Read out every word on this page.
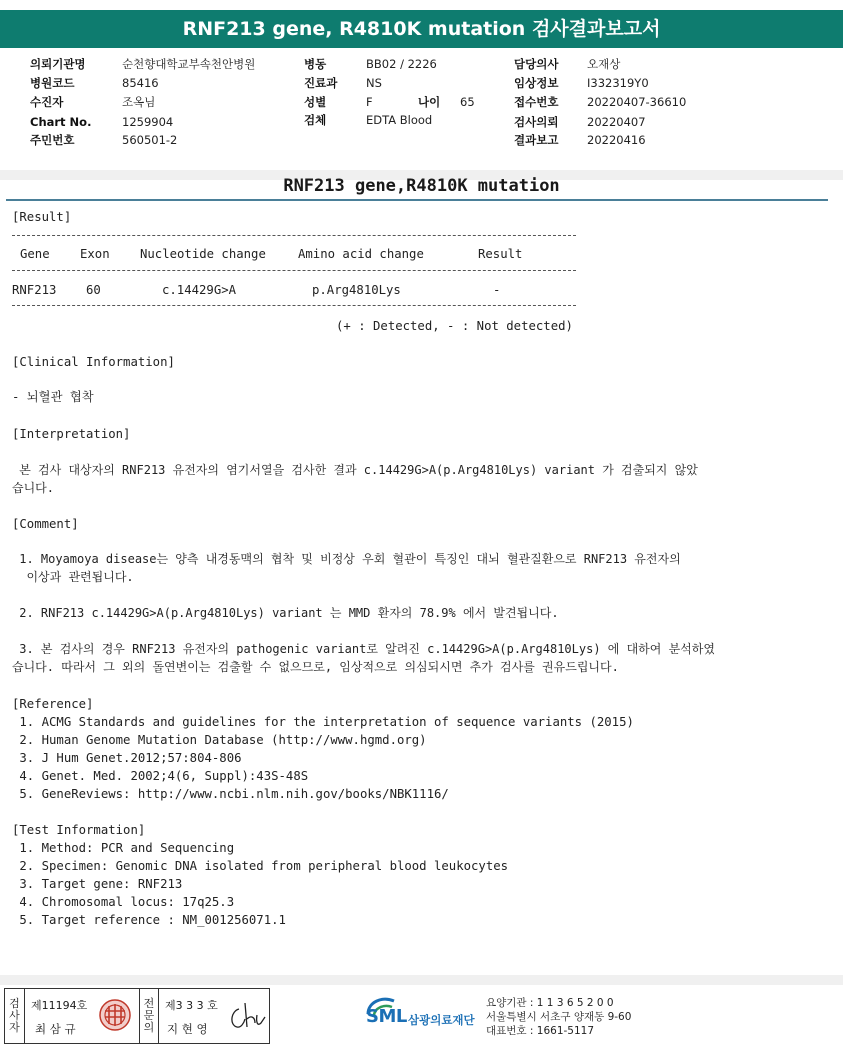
RNF213 gene, R4810K mutation 검사결과보고서
의뢰기관명	순천향대학교부속천안병원	병동	BB02 / 2226	담당의사 오재상
병원코드	85416	진료과 NS	임상정보 I332319Y0
수진자	조옥님	성별	F	나이 65	접수번호 20220407-36610
Chart No.	1259904	검체	EDTA Blood	검사의뢰 20220407
주민번호	560501-2	결과보고 20220416
RNF213 gene,R4810K mutation
[Result]
Gene Exon Nucleotide change	Amino acid change	Result
RNF213 60	c.14429G>A	p.Arg4810Lys	-
(+ : Detected, - : Not detected)
[Clinical Information]
- 뇌혈관 협착
[Interpretation]
본 검사 대상자의 RNF213 유전자의 염기서열을 검사한 결과 c.14429G>A(p.Arg4810Lys) variant 가 검출되지 않았
습니다.
[Comment]
1. Moyamoya disease는 양측 내경동맥의 협착 및 비정상 우회 혈관이 특징인 대뇌 혈관질환으로 RNF213 유전자의
이상과 관련됩니다.
2. RNF213 c.14429G>A(p.Arg4810Lys) variant 는 MMD 환자의 78.9% 에서 발견됩니다.
3. 본 검사의 경우 RNF213 유전자의 pathogenic variant로 알려진 c.14429G>A(p.Arg4810Lys) 에 대하여 분석하였
습니다. 따라서 그 외의 돌연변이는 검출할 수 없으므로, 임상적으로 의심되시면 추가 검사를 권유드립니다.
[Reference]
1. ACMG Standards and guidelines for the interpretation of sequence variants (2015)
2. Human Genome Mutation Database (http://www.hgmd.org)
3. J Hum Genet.2012;57:804-806
4. Genet. Med. 2002;4(6, Suppl):43S-48S
5. GeneReviews: http://www.ncbi.nlm.nih.gov/books/NBK1116/
[Test Information]
1. Method: PCR and Sequencing
2. Specimen: Genomic DNA isolated from peripheral blood leukocytes
3. Target gene: RNF213
4. Chromosomal locus: 17q25.3
5. Target reference : NM_001256071.1
검
사
자
제11194호
최 삼 규
전
문
의
제3 3 3 호
지 현 영
SML 삼광의료재단
요양기관 : 1 1 3 6 5 2 0 0
서울특별시 서초구 양재동 9-60
대표번호 : 1661-5117
